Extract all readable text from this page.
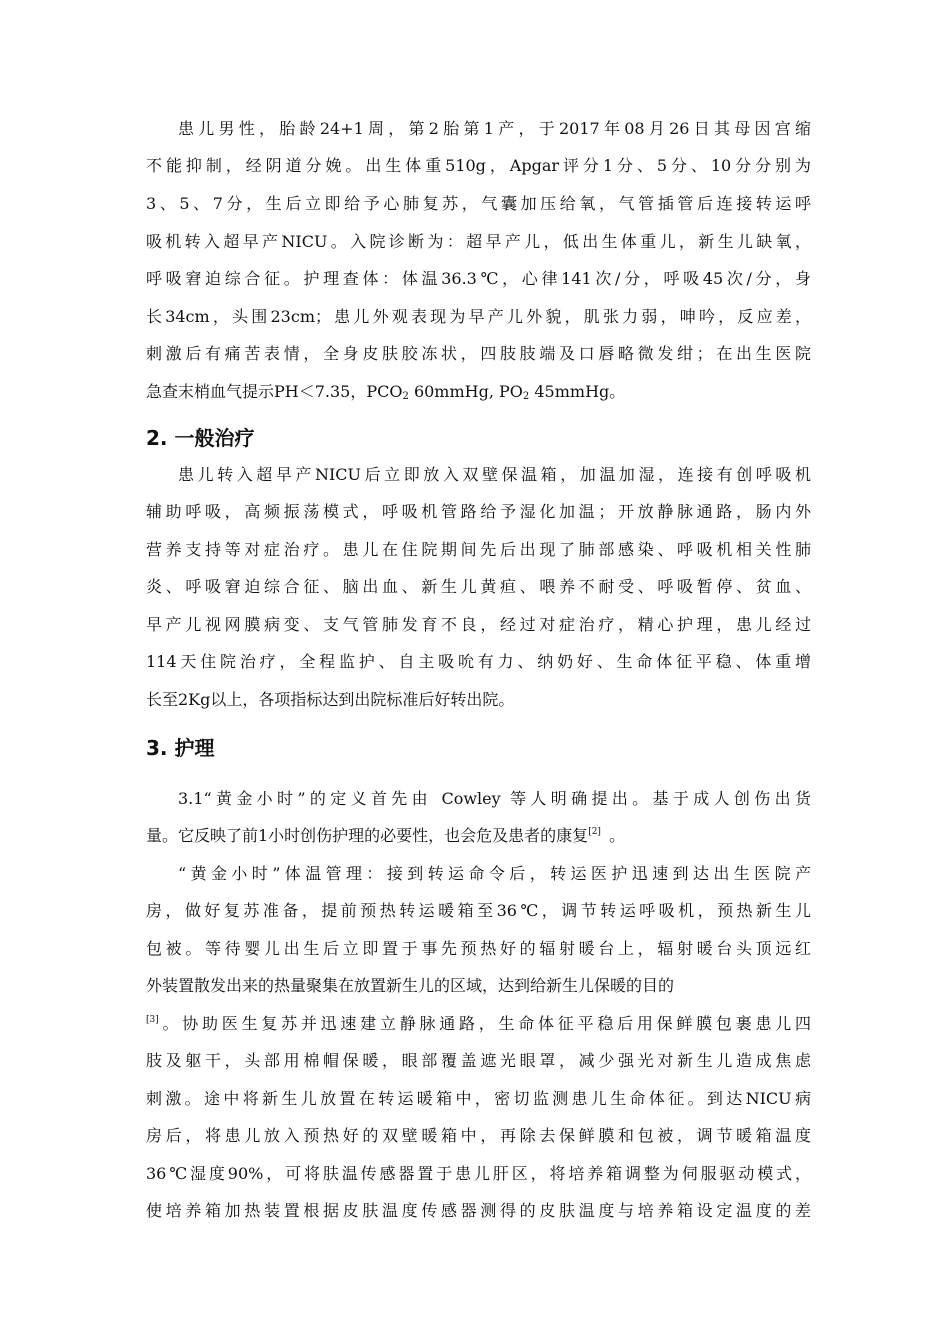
患儿男性，胎龄24+1周，第2胎第1产，于2017年08月26日其母因宫缩
不能抑制，经阴道分娩。出生体重510g，Apgar评分1分、5分、10分分别为
3、5、7分，生后立即给予心肺复苏，气囊加压给氧，气管插管后连接转运呼
吸机转入超早产NICU。入院诊断为：超早产儿，低出生体重儿，新生儿缺氧，
呼吸窘迫综合征。护理查体：体温36.3℃，心律141次/分，呼吸45次/分，身
长34cm，头围23cm；患儿外观表现为早产儿外貌，肌张力弱，呻吟，反应差，
刺激后有痛苦表情，全身皮肤胶冻状，四肢肢端及口唇略微发绀；在出生医院
急查末梢血气提示PH＜7.35，$PCO_2$ 60mmHg, $PO_2$ 45mmHg。
2. 一般治疗
患儿转入超早产NICU后立即放入双壁保温箱，加温加湿，连接有创呼吸机
辅助呼吸，高频振荡模式，呼吸机管路给予湿化加温；开放静脉通路，肠内外
营养支持等对症治疗。患儿在住院期间先后出现了肺部感染、呼吸机相关性肺
炎、呼吸窘迫综合征、脑出血、新生儿黄疸、喂养不耐受、呼吸暂停、贫血、
早产儿视网膜病变、支气管肺发育不良，经过对症治疗，精心护理，患儿经过
114天住院治疗，全程监护、自主吸吮有力、纳奶好、生命体征平稳、体重增
长至2Kg以上，各项指标达到出院标准后好转出院。
3. 护理
3.1“黄金小时”的定义首先由 Cowley 等人明确提出。基于成人创伤出货
量。它反映了前1小时创伤护理的必要性，也会危及患者的康复[2] 。
“黄金小时”体温管理：接到转运命令后，转运医护迅速到达出生医院产
房，做好复苏准备，提前预热转运暖箱至36℃，调节转运呼吸机，预热新生儿
包被。等待婴儿出生后立即置于事先预热好的辐射暖台上，辐射暖台头顶远红
外装置散发出来的热量聚集在放置新生儿的区域，达到给新生儿保暖的目的
[3]。协助医生复苏并迅速建立静脉通路，生命体征平稳后用保鲜膜包裹患儿四
肢及躯干，头部用棉帽保暖，眼部覆盖遮光眼罩，减少强光对新生儿造成焦虑
刺激。途中将新生儿放置在转运暖箱中，密切监测患儿生命体征。到达NICU病
房后，将患儿放入预热好的双壁暖箱中，再除去保鲜膜和包被，调节暖箱温度
36℃湿度90%，可将肤温传感器置于患儿肝区，将培养箱调整为伺服驱动模式，
使培养箱加热装置根据皮肤温度传感器测得的皮肤温度与培养箱设定温度的差
